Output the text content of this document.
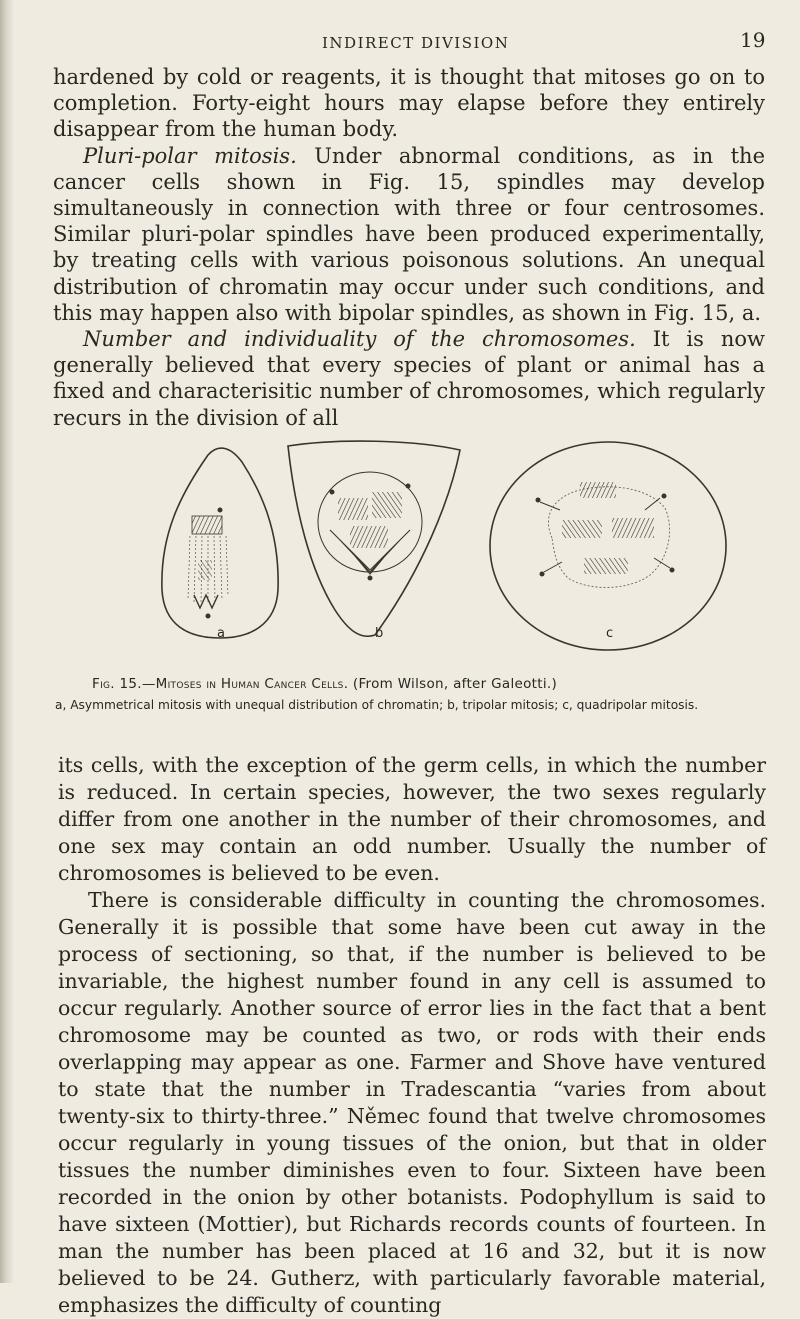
INDIRECT DIVISION	19

hardened by cold or reagents, it is thought that mitoses go on to completion. Forty-eight hours may elapse before they entirely disappear from the human body.

Pluri-polar mitosis. Under abnormal conditions, as in the cancer cells shown in Fig. 15, spindles may develop simultaneously in connection with three or four centrosomes. Similar pluri-polar spindles have been produced experimentally, by treating cells with various poisonous solutions. An unequal distribution of chromatin may occur under such conditions, and this may happen also with bipolar spindles, as shown in Fig. 15, a.

Number and individuality of the chromosomes. It is now generally believed that every species of plant or animal has a fixed and characterisitic number of chromosomes, which regularly recurs in the division of all

a	b	c
Fig. 15.—Mitoses in Human Cancer Cells. (From Wilson, after Galeotti.)
a, Asymmetrical mitosis with unequal distribution of chromatin; b, tripolar mitosis; c, quadripolar mitosis.

its cells, with the exception of the germ cells, in which the number is reduced. In certain species, however, the two sexes regularly differ from one another in the number of their chromosomes, and one sex may contain an odd number. Usually the number of chromosomes is believed to be even.

There is considerable difficulty in counting the chromosomes. Generally it is possible that some have been cut away in the process of sectioning, so that, if the number is believed to be invariable, the highest number found in any cell is assumed to occur regularly. Another source of error lies in the fact that a bent chromosome may be counted as two, or rods with their ends overlapping may appear as one. Farmer and Shove have ventured to state that the number in Tradescantia “varies from about twenty-six to thirty-three.” Němec found that twelve chromosomes occur regularly in young tissues of the onion, but that in older tissues the number diminishes even to four. Sixteen have been recorded in the onion by other botanists. Podophyllum is said to have sixteen (Mottier), but Richards records counts of fourteen. In man the number has been placed at 16 and 32, but it is now believed to be 24. Gutherz, with particularly favorable material, emphasizes the difficulty of counting
